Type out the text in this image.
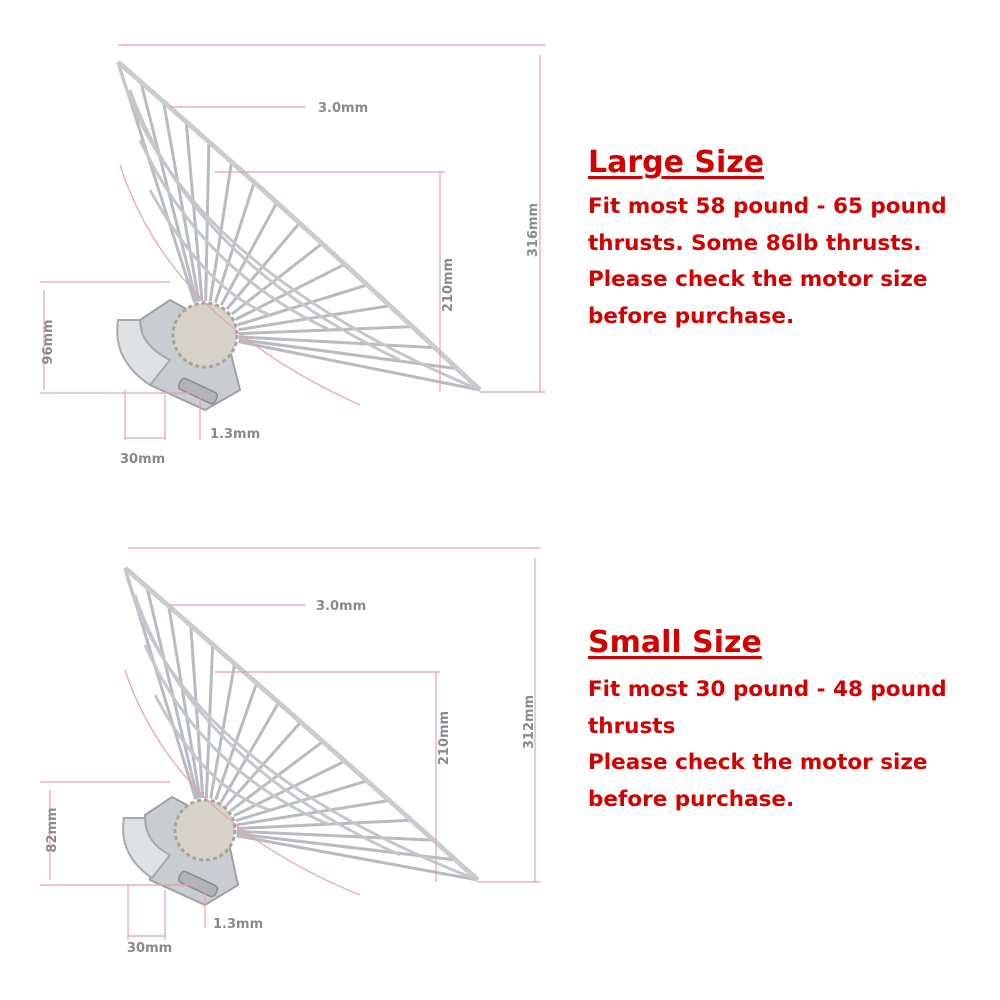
3.0mm
210mm
316mm
96mm
30mm
1.3mm
Large Size
Fit most 58 pound - 65 pound
thrusts. Some 86lb thrusts.
Please check the motor size
before purchase.
3.0mm
210mm	312mm
82mm
30mm
1.3mm
Small Size
Fit most 30 pound - 48 pound
thrusts
Please check the motor size
before purchase.
